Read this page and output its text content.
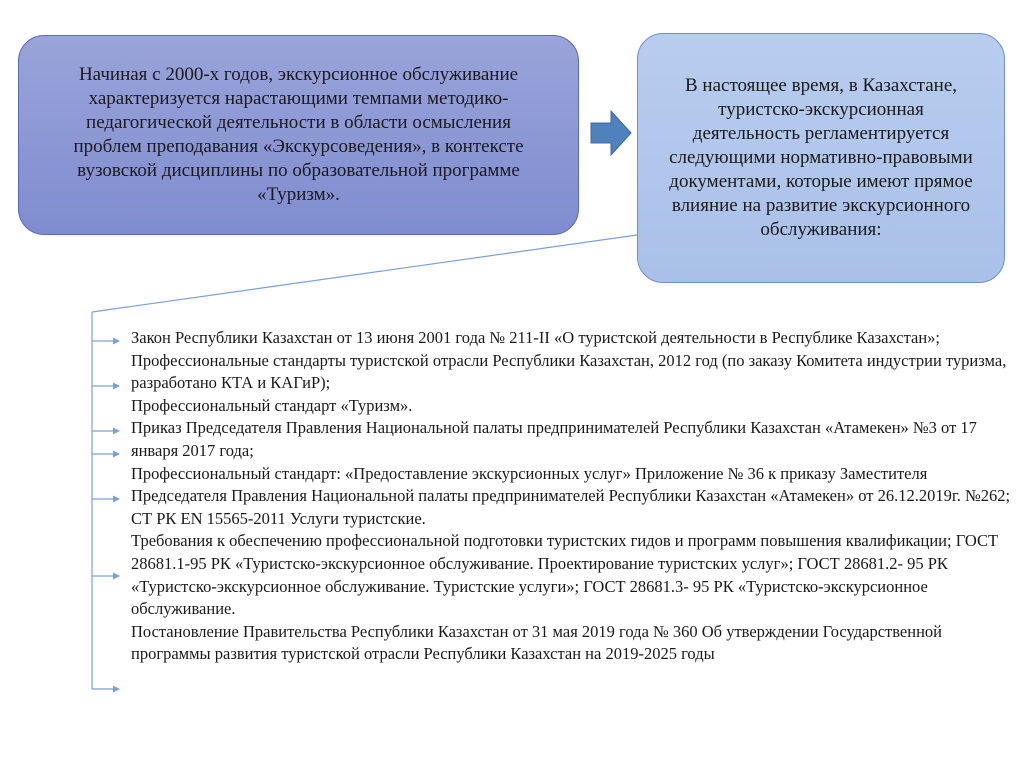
Начиная с 2000-х годов, экскурсионное обслуживание характеризуется нарастающими темпами методико-педагогической деятельности в области осмысления проблем преподавания «Экскурсоведения», в контексте вузовской дисциплины по образовательной программе «Туризм».
В настоящее время, в Казахстане, туристско-экскурсионная деятельность регламентируется следующими нормативно-правовыми документами, которые имеют прямое влияние на развитие экскурсионного обслуживания:
Закон Республики Казахстан от 13 июня 2001 года № 211-II «О туристской деятельности в Республике Казахстан»;
Профессиональные стандарты туристской отрасли Республики Казахстан, 2012 год (по заказу Комитета индустрии туризма, разработано КТА и КАГиР);
Профессиональный стандарт «Туризм».
Приказ Председателя Правления Национальной палаты предпринимателей Республики Казахстан «Атамекен» №3 от 17 января 2017 года;
Профессиональный стандарт: «Предоставление экскурсионных услуг» Приложение № 36 к приказу Заместителя Председателя Правления Национальной палаты предпринимателей Республики Казахстан «Атамекен» от 26.12.2019г. №262; СТ РК EN 15565-2011 Услуги туристские.
Требования к обеспечению профессиональной подготовки туристских гидов и программ повышения квалификации; ГОСТ 28681.1-95 РК «Туристско-экскурсионное обслуживание. Проектирование туристских услуг»; ГОСТ 28681.2- 95 РК «Туристско-экскурсионное обслуживание. Туристские услуги»; ГОСТ 28681.3- 95 РК «Туристско-экскурсионное обслуживание.
Постановление Правительства Республики Казахстан от 31 мая 2019 года № 360 Об утверждении Государственной программы развития туристской отрасли Республики Казахстан на 2019-2025 годы
